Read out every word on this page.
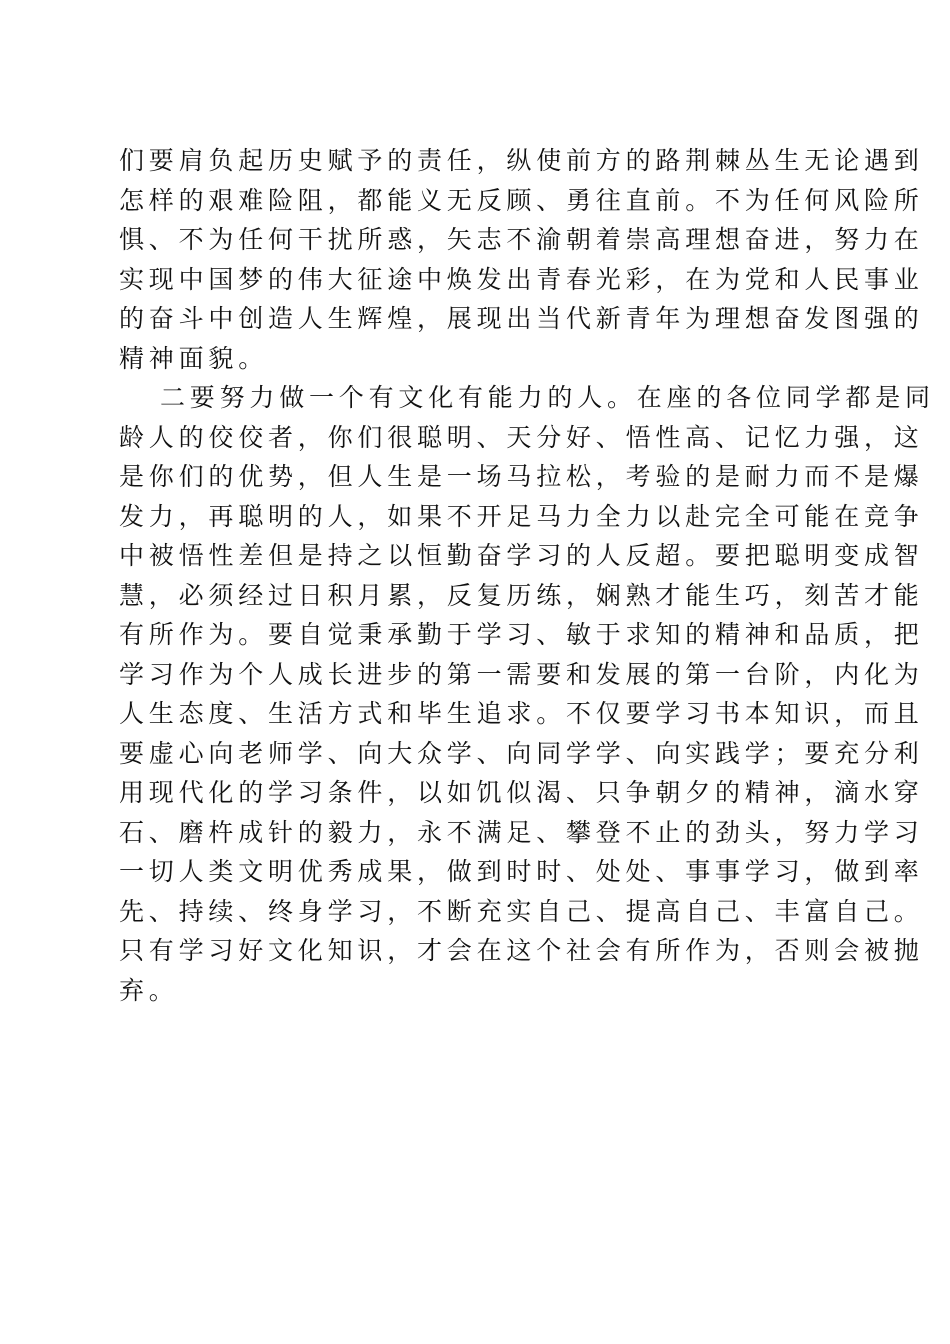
们要肩负起历史赋予的责任，纵使前方的路荆棘丛生无论遇到
怎样的艰难险阻，都能义无反顾、勇往直前。不为任何风险所
惧、不为任何干扰所惑，矢志不渝朝着崇高理想奋进，努力在
实现中国梦的伟大征途中焕发出青春光彩，在为党和人民事业
的奋斗中创造人生辉煌，展现出当代新青年为理想奋发图强的
精神面貌。
二要努力做一个有文化有能力的人。在座的各位同学都是同
龄人的佼佼者，你们很聪明、天分好、悟性高、记忆力强，这
是你们的优势，但人生是一场马拉松，考验的是耐力而不是爆
发力，再聪明的人，如果不开足马力全力以赴完全可能在竞争
中被悟性差但是持之以恒勤奋学习的人反超。要把聪明变成智
慧，必须经过日积月累，反复历练，娴熟才能生巧，刻苦才能
有所作为。要自觉秉承勤于学习、敏于求知的精神和品质，把
学习作为个人成长进步的第一需要和发展的第一台阶，内化为
人生态度、生活方式和毕生追求。不仅要学习书本知识，而且
要虚心向老师学、向大众学、向同学学、向实践学；要充分利
用现代化的学习条件，以如饥似渴、只争朝夕的精神，滴水穿
石、磨杵成针的毅力，永不满足、攀登不止的劲头，努力学习
一切人类文明优秀成果，做到时时、处处、事事学习，做到率
先、持续、终身学习，不断充实自己、提高自己、丰富自己。
只有学习好文化知识，才会在这个社会有所作为，否则会被抛
弃。
